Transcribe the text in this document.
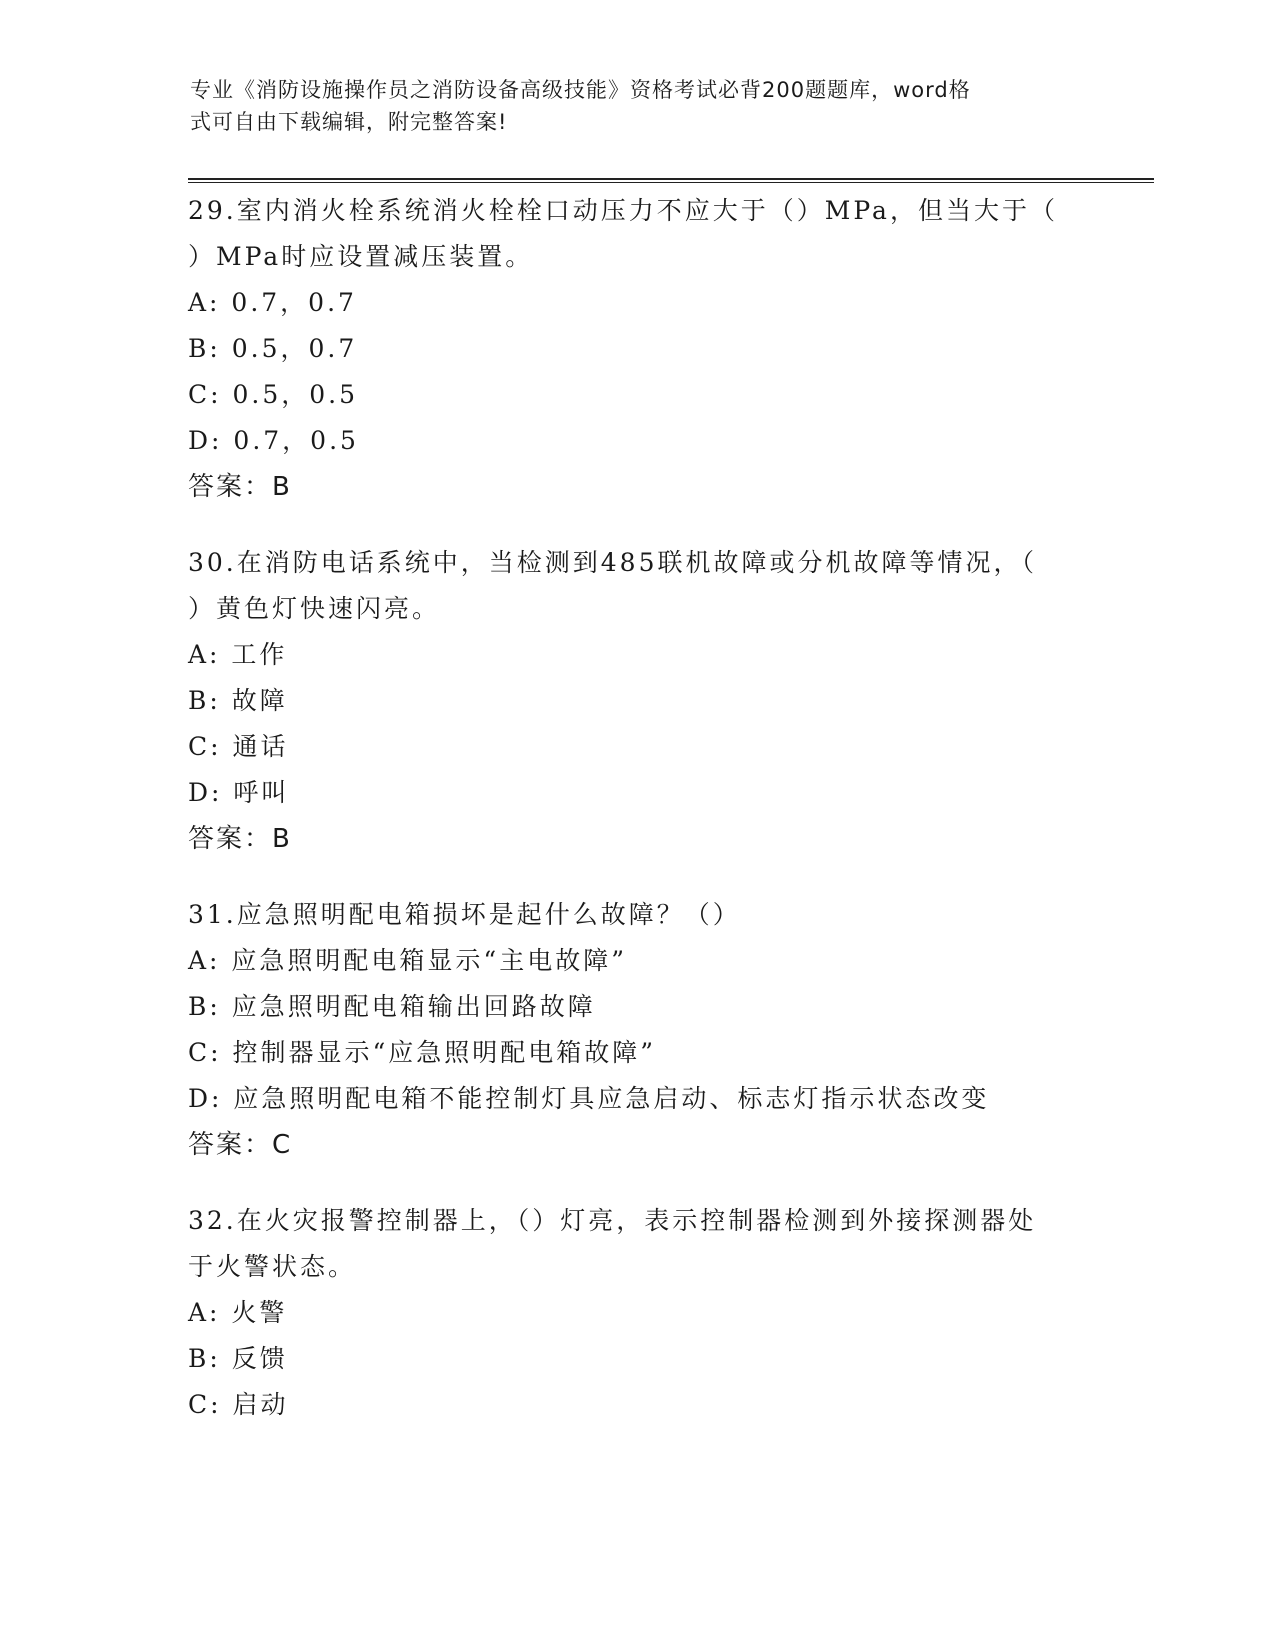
专业《消防设施操作员之消防设备高级技能》资格考试必背200题题库，word格
式可自由下载编辑，附完整答案!
29.室内消火栓系统消火栓栓口动压力不应大于（）MPa，但当大于（
）MPa时应设置减压装置。
A: 0.7，0.7
B: 0.5，0.7
C: 0.5，0.5
D: 0.7，0.5
答案：B
30.在消防电话系统中，当检测到485联机故障或分机故障等情况，（
）黄色灯快速闪亮。
A: 工作
B: 故障
C: 通话
D: 呼叫
答案：B
31.应急照明配电箱损坏是起什么故障？（）
A: 应急照明配电箱显示“主电故障”
B: 应急照明配电箱输出回路故障
C: 控制器显示“应急照明配电箱故障”
D: 应急照明配电箱不能控制灯具应急启动、标志灯指示状态改变
答案：C
32.在火灾报警控制器上，（）灯亮，表示控制器检测到外接探测器处
于火警状态。
A: 火警
B: 反馈
C: 启动
